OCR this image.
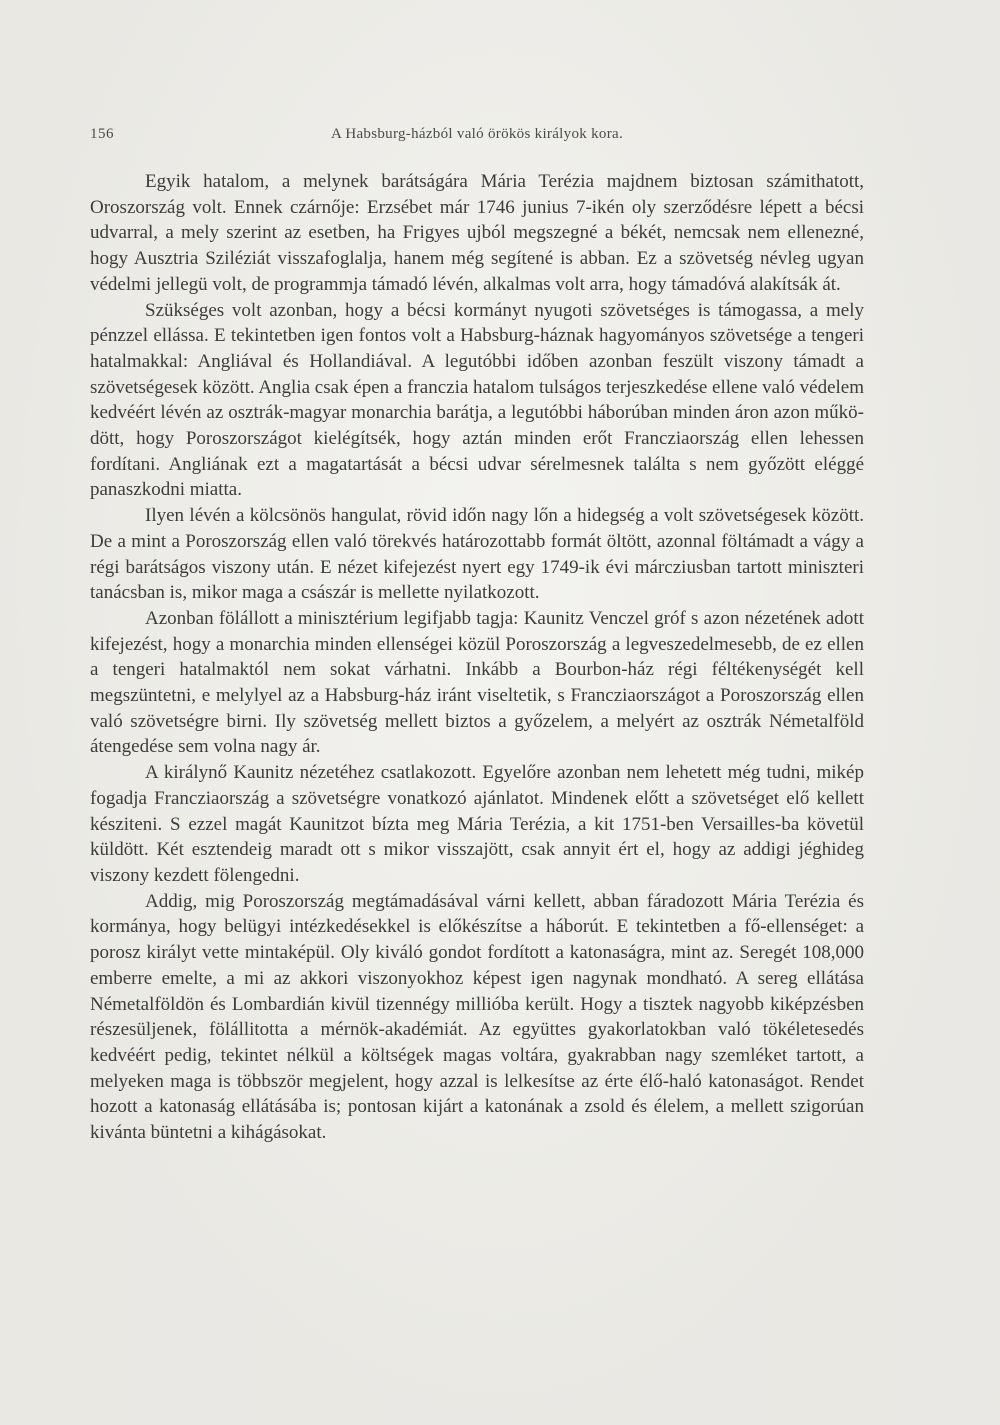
156	A Habsburg-házból való örökös királyok kora.

Egyik hatalom, a melynek barátságára Mária Terézia majdnem biztosan számithatott, Oroszország volt. Ennek czárnője: Erzsébet már 1746 junius 7-ikén oly szerződésre lépett a bécsi udvarral, a mely szerint az esetben, ha Frigyes ujból megszegné a békét, nemcsak nem ellenezné, hogy Ausztria Sziléziát visszafoglalja, hanem még segítené is abban. Ez a szövetség névleg ugyan védelmi jellegü volt, de programmja támadó lévén, alkalmas volt arra, hogy támadóvá alakítsák át.

Szükséges volt azonban, hogy a bécsi kormányt nyugoti szövetséges is támogassa, a mely pénzzel ellássa. E tekintetben igen fontos volt a Habsburg-háznak hagyományos szövetsége a tengeri hatalmakkal: Angliával és Hollandiával. A legutóbbi időben azonban feszült viszony támadt a szövetségesek között. Anglia csak épen a franczia hatalom tulságos terjeszkedése ellene való védelem kedvéért lévén az osztrák-magyar monarchia barátja, a legutóbbi háborúban minden áron azon működött, hogy Poroszországot kielégítsék, hogy aztán minden erőt Francziaország ellen lehessen fordítani. Angliának ezt a magatartását a bécsi udvar sérelmesnek találta s nem győzött eléggé panaszkodni miatta.

Ilyen lévén a kölcsönös hangulat, rövid időn nagy lőn a hidegség a volt szövetségesek között. De a mint a Poroszország ellen való törekvés határozottabb formát öltött, azonnal föltámadt a vágy a régi barátságos viszony után. E nézet kifejezést nyert egy 1749-ik évi márcziusban tartott miniszteri tanácsban is, mikor maga a császár is mellette nyilatkozott.

Azonban fölállott a minisztérium legifjabb tagja: Kaunitz Venczel gróf s azon nézetének adott kifejezést, hogy a monarchia minden ellenségei közül Poroszország a legveszedelmesebb, de ez ellen a tengeri hatalmaktól nem sokat várhatni. Inkább a Bourbon-ház régi féltékenységét kell megszüntetni, e melylyel az a Habsburg-ház iránt viseltetik, s Francziaországot a Poroszország ellen való szövetségre birni. Ily szövetség mellett biztos a győzelem, a melyért az osztrák Németalföld átengedése sem volna nagy ár.

A királynő Kaunitz nézetéhez csatlakozott. Egyelőre azonban nem lehetett még tudni, mikép fogadja Francziaország a szövetségre vonatkozó ajánlatot. Mindenek előtt a szövetséget elő kellett késziteni. S ezzel magát Kaunitzot bízta meg Mária Terézia, a kit 1751-ben Versailles-ba követül küldött. Két esztendeig maradt ott s mikor visszajött, csak annyit ért el, hogy az addigi jéghideg viszony kezdett fölengedni.

Addig, mig Poroszország megtámadásával várni kellett, abban fáradozott Mária Terézia és kormánya, hogy belügyi intézkedésekkel is előkészítse a háborút. E tekintetben a fő-ellenséget: a porosz királyt vette mintaképül. Oly kiváló gondot fordított a katonaságra, mint az. Seregét 108,000 emberre emelte, a mi az akkori viszonyokhoz képest igen nagynak mondható. A sereg ellátása Németalföldön és Lombardián kivül tizennégy millióba került. Hogy a tisztek nagyobb kiképzésben részesüljenek, fölállitotta a mérnök-akadémiát. Az együttes gyakorlatokban való tökéletesedés kedvéért pedig, tekintet nélkül a költségek magas voltára, gyakrabban nagy szemléket tartott, a melyeken maga is többször megjelent, hogy azzal is lelkesítse az érte élő-haló katonaságot. Rendet hozott a katonaság ellátásába is; pontosan kijárt a katonának a zsold és élelem, a mellett szigorúan kivánta büntetni a kihágásokat.
